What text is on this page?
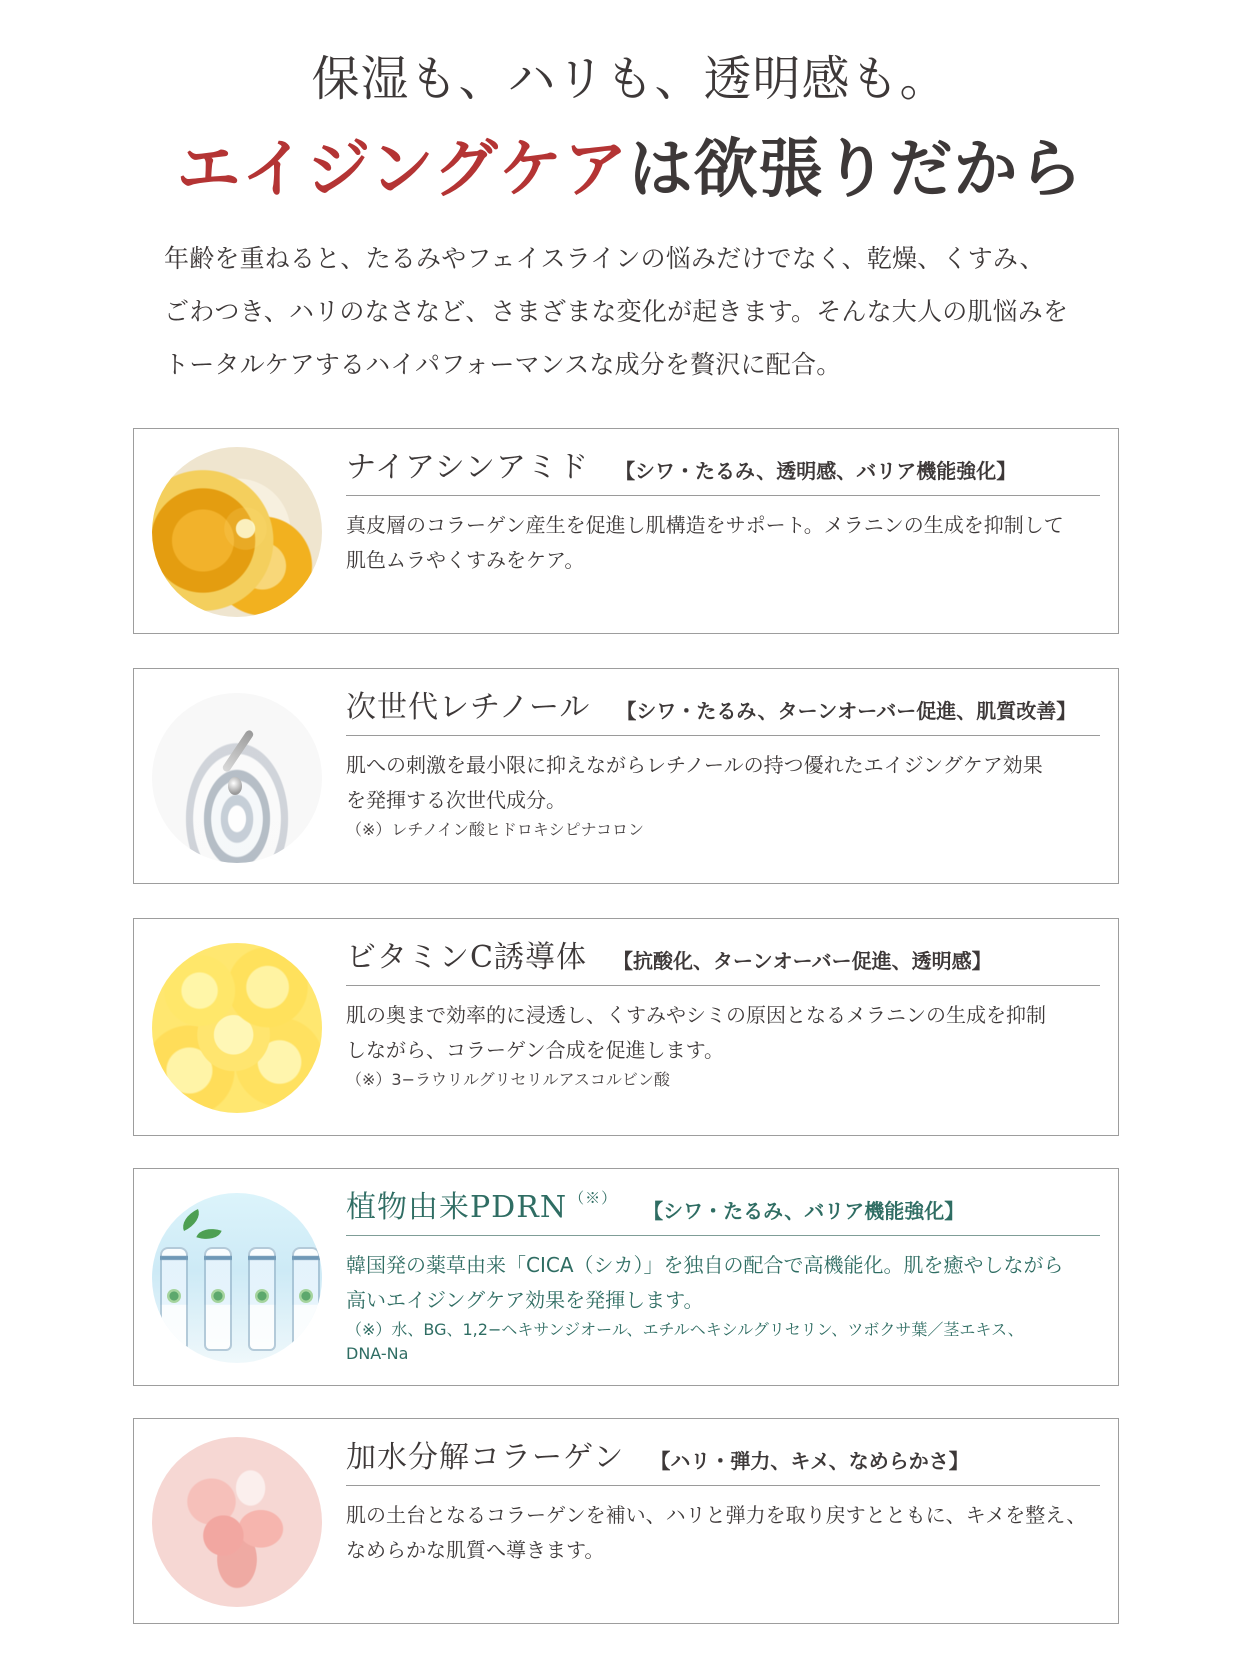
保湿も、ハリも、透明感も。
エイジングケアは欲張りだから
年齢を重ねると、たるみやフェイスラインの悩みだけでなく、乾燥、くすみ、
ごわつき、ハリのなさなど、さまざまな変化が起きます。そんな大人の肌悩みを
トータルケアするハイパフォーマンスな成分を贅沢に配合。
ナイアシンアミド 【シワ・たるみ、透明感、バリア機能強化】
真皮層のコラーゲン産生を促進し肌構造をサポート。メラニンの生成を抑制して
肌色ムラやくすみをケア。
次世代レチノール 【シワ・たるみ、ターンオーバー促進、肌質改善】
肌への刺激を最小限に抑えながらレチノールの持つ優れたエイジングケア効果
を発揮する次世代成分。
（※）レチノイン酸ヒドロキシピナコロン
ビタミンC誘導体 【抗酸化、ターンオーバー促進、透明感】
肌の奥まで効率的に浸透し、くすみやシミの原因となるメラニンの生成を抑制
しながら、コラーゲン合成を促進します。
（※）3−ラウリルグリセリルアスコルビン酸
植物由来PDRN （※）
【シワ・たるみ、バリア機能強化】
韓国発の薬草由来「CICA（シカ）」を独自の配合で高機能化。肌を癒やしながら
高いエイジングケア効果を発揮します。
（※）水、BG、1,2−ヘキサンジオール、エチルヘキシルグリセリン、ツボクサ葉／茎エキス、
DNA-Na
加水分解コラーゲン 【ハリ・弾力、キメ、なめらかさ】
肌の土台となるコラーゲンを補い、ハリと弾力を取り戻すとともに、キメを整え、
なめらかな肌質へ導きます。
